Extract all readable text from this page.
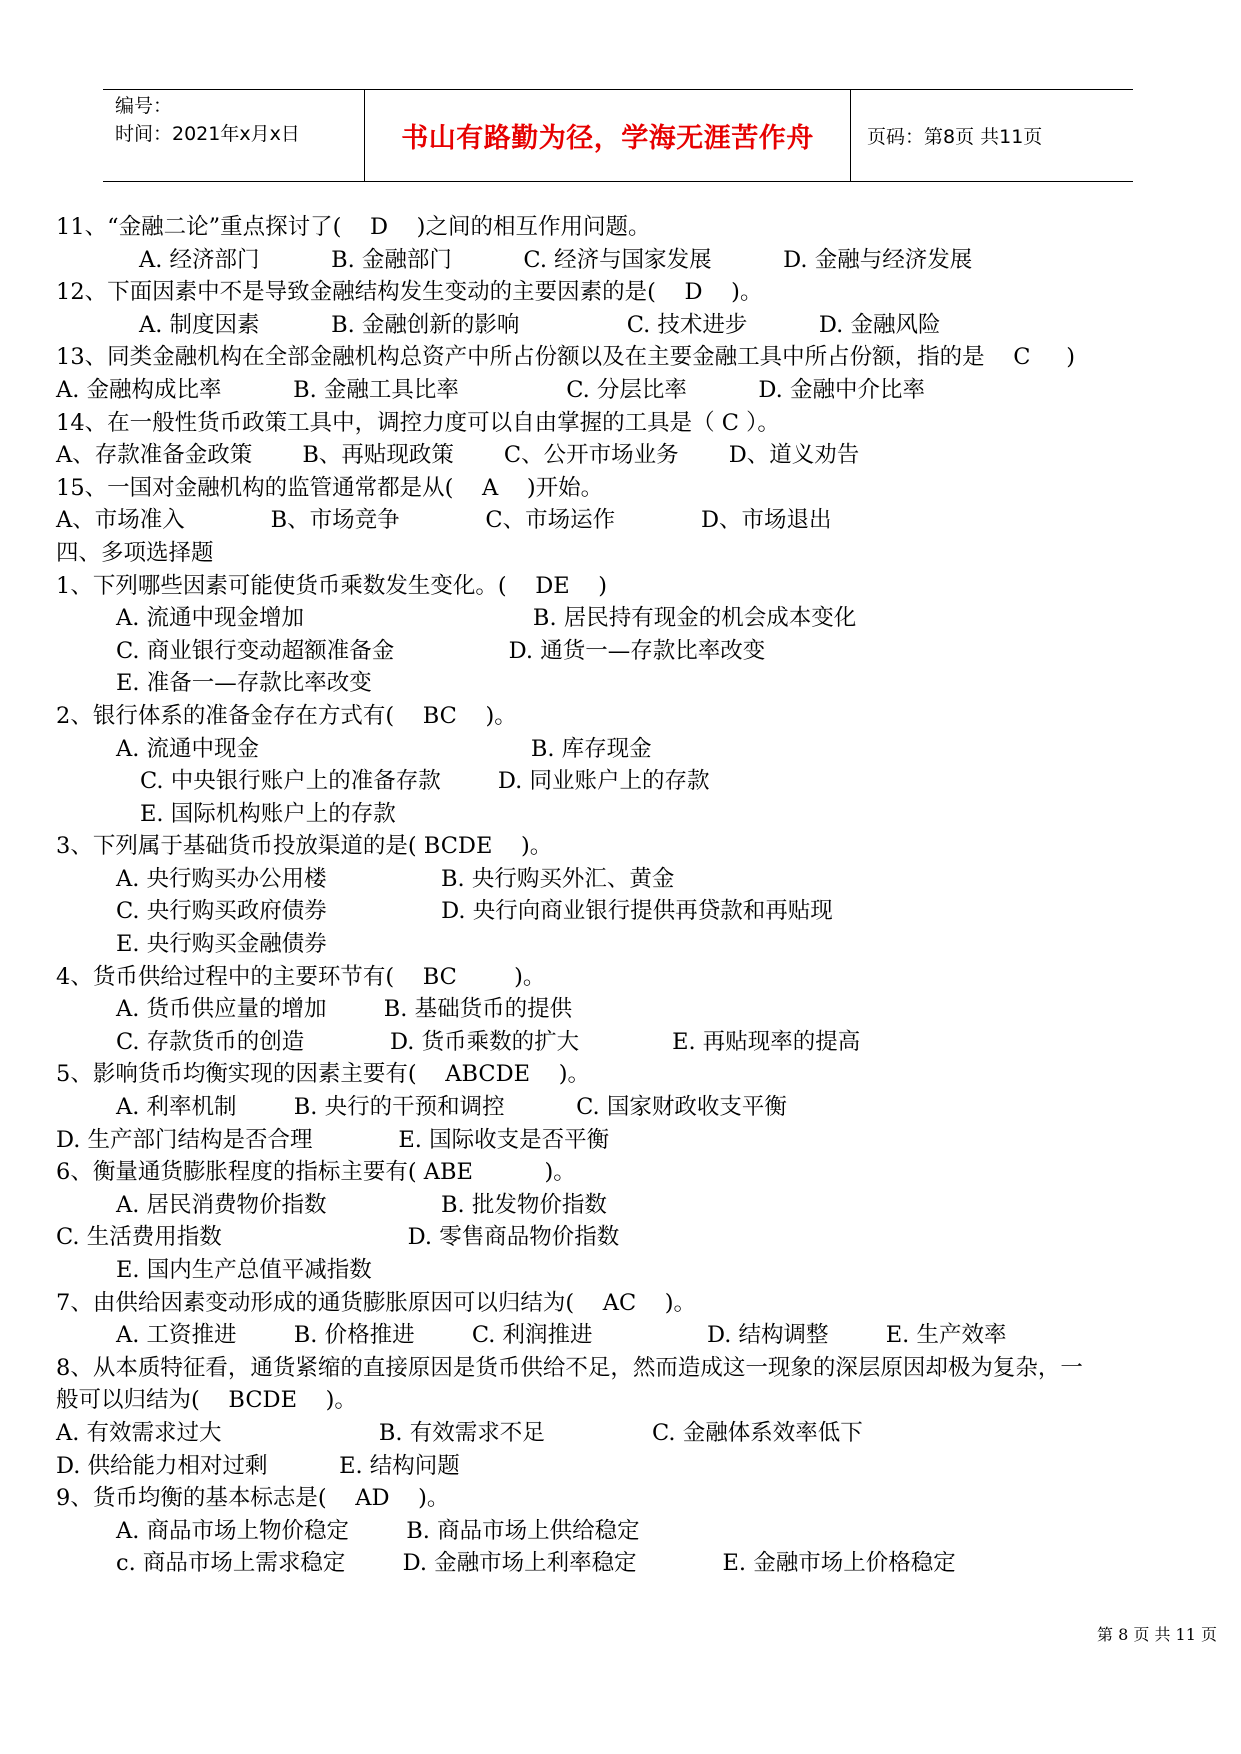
编号：
时间：2021年x月x日	书山有路勤为径，学海无涯苦作舟	页码：第8页 共11页
11、“金融二论”重点探讨了(    D    )之间的相互作用问题。
A. 经济部门          B. 金融部门          C. 经济与国家发展          D. 金融与经济发展
12、下面因素中不是导致金融结构发生变动的主要因素的是(    D    )。
A. 制度因素          B. 金融创新的影响               C. 技术进步          D. 金融风险
13、同类金融机构在全部金融机构总资产中所占份额以及在主要金融工具中所占份额，指的是    C     )
A. 金融构成比率          B. 金融工具比率               C. 分层比率          D. 金融中介比率
14、在一般性货币政策工具中，调控力度可以自由掌握的工具是（ C ）。
A、存款准备金政策       B、再贴现政策       C、公开市场业务       D、道义劝告
15、一国对金融机构的监管通常都是从(    A    )开始。
A、市场准入            B、市场竞争            C、市场运作            D、市场退出
四、多项选择题
1、下列哪些因素可能使货币乘数发生变化。(    DE    )
A. 流通中现金增加                                B. 居民持有现金的机会成本变化
C. 商业银行变动超额准备金                D. 通货一—存款比率改变
E. 准备一—存款比率改变
2、银行体系的准备金存在方式有(    BC    )。
A. 流通中现金                                      B. 库存现金
C. 中央银行账户上的准备存款        D. 同业账户上的存款
E. 国际机构账户上的存款
3、下列属于基础货币投放渠道的是( BCDE    )。
A. 央行购买办公用楼                B. 央行购买外汇、黄金
C. 央行购买政府债券                D. 央行向商业银行提供再贷款和再贴现
E. 央行购买金融债券
4、货币供给过程中的主要环节有(    BC        )。
A. 货币供应量的增加        B. 基础货币的提供
C. 存款货币的创造            D. 货币乘数的扩大             E. 再贴现率的提高
5、影响货币均衡实现的因素主要有(    ABCDE    )。
A. 利率机制        B. 央行的干预和调控          C. 国家财政收支平衡
D. 生产部门结构是否合理            E. 国际收支是否平衡
6、衡量通货膨胀程度的指标主要有( ABE          )。
A. 居民消费物价指数                B. 批发物价指数
C. 生活费用指数                          D. 零售商品物价指数
E. 国内生产总值平减指数
7、由供给因素变动形成的通货膨胀原因可以归结为(    AC    )。
A. 工资推进        B. 价格推进        C. 利润推进                D. 结构调整        E. 生产效率
8、从本质特征看，通货紧缩的直接原因是货币供给不足，然而造成这一现象的深层原因却极为复杂，一
般可以归结为(    BCDE    )。
A. 有效需求过大                      B. 有效需求不足               C. 金融体系效率低下
D. 供给能力相对过剩          E. 结构问题
9、货币均衡的基本标志是(    AD    )。
A. 商品市场上物价稳定        B. 商品市场上供给稳定
c. 商品市场上需求稳定        D. 金融市场上利率稳定            E. 金融市场上价格稳定
第 8 页 共 11 页
